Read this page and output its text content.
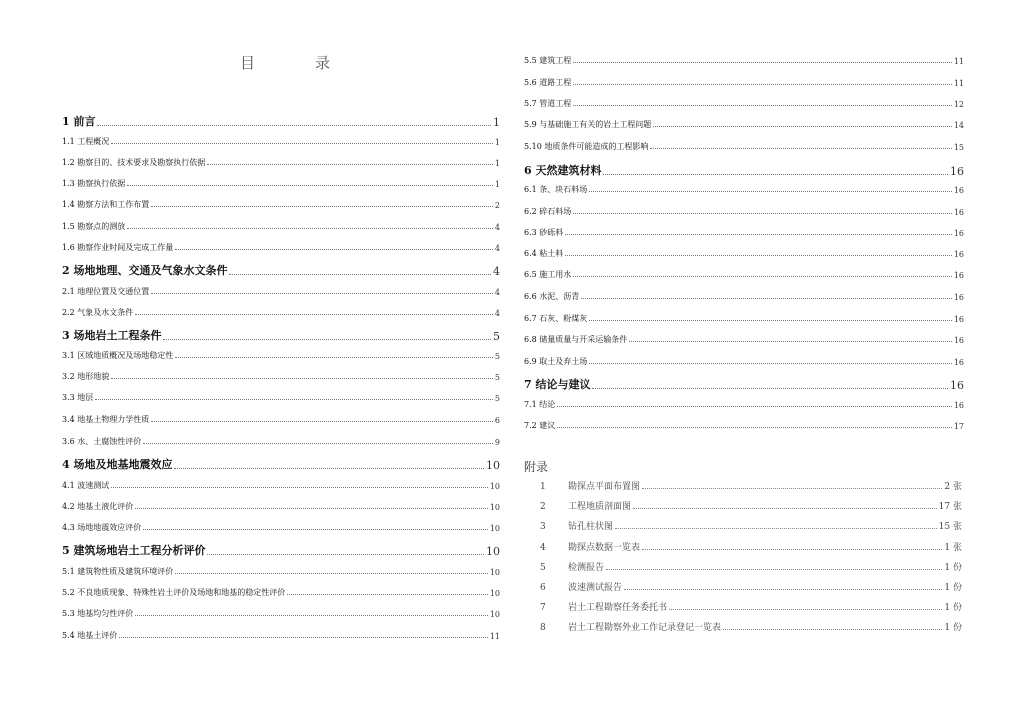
目	录
1 前言	1
1.1 工程概况	1
1.2 勘察目的、技术要求及勘察执行依据	1
1.3 勘察执行依据	1
1.4 勘察方法和工作布置	2
1.5 勘察点的测放	4
1.6 勘察作业时间及完成工作量	4
2 场地地理、交通及气象水文条件	4
2.1 地理位置及交通位置	4
2.2 气象及水文条件	4
3 场地岩土工程条件	5
3.1 区域地质概况及场地稳定性	5
3.2 地形地貌	5
3.3 地层	5
3.4 地基土物理力学性质	6
3.6 水、土腐蚀性评价	9
4 场地及地基地震效应	10
4.1 波速测试	10
4.2 地基土液化评价	10
4.3 场地地震效应评价	10
5 建筑场地岩土工程分析评价	10
5.1 建筑物性质及建筑环境评价	10
5.2 不良地质现象、特殊性岩土评价及场地和地基的稳定性评价	10
5.3 地基均匀性评价	10
5.4 地基土评价	11
5.5 建筑工程	11
5.6 道路工程	11
5.7 管道工程	12
5.9 与基础施工有关的岩土工程问题	14
5.10 地质条件可能造成的工程影响	15
6 天然建筑材料	16
6.1 条、块石料场	16
6.2 碎石料场	16
6.3 砂砾料	16
6.4 粘土料	16
6.5 施工用水	16
6.6 水泥、沥青	16
6.7 石灰、粉煤灰	16
6.8 储量质量与开采运输条件	16
6.9 取土及弃土场	16
7 结论与建议	16
7.1 结论	16
7.2 建议	17
附录
1	勘探点平面布置图	2 张
2	工程地质剖面图	17 张
3	钻孔柱状图	15 张
4	勘探点数据一览表	1 张
5	检测报告	1 份
6	波速测试报告	1 份
7	岩土工程勘察任务委托书	1 份
8	岩土工程勘察外业工作记录登记一览表	1 份
